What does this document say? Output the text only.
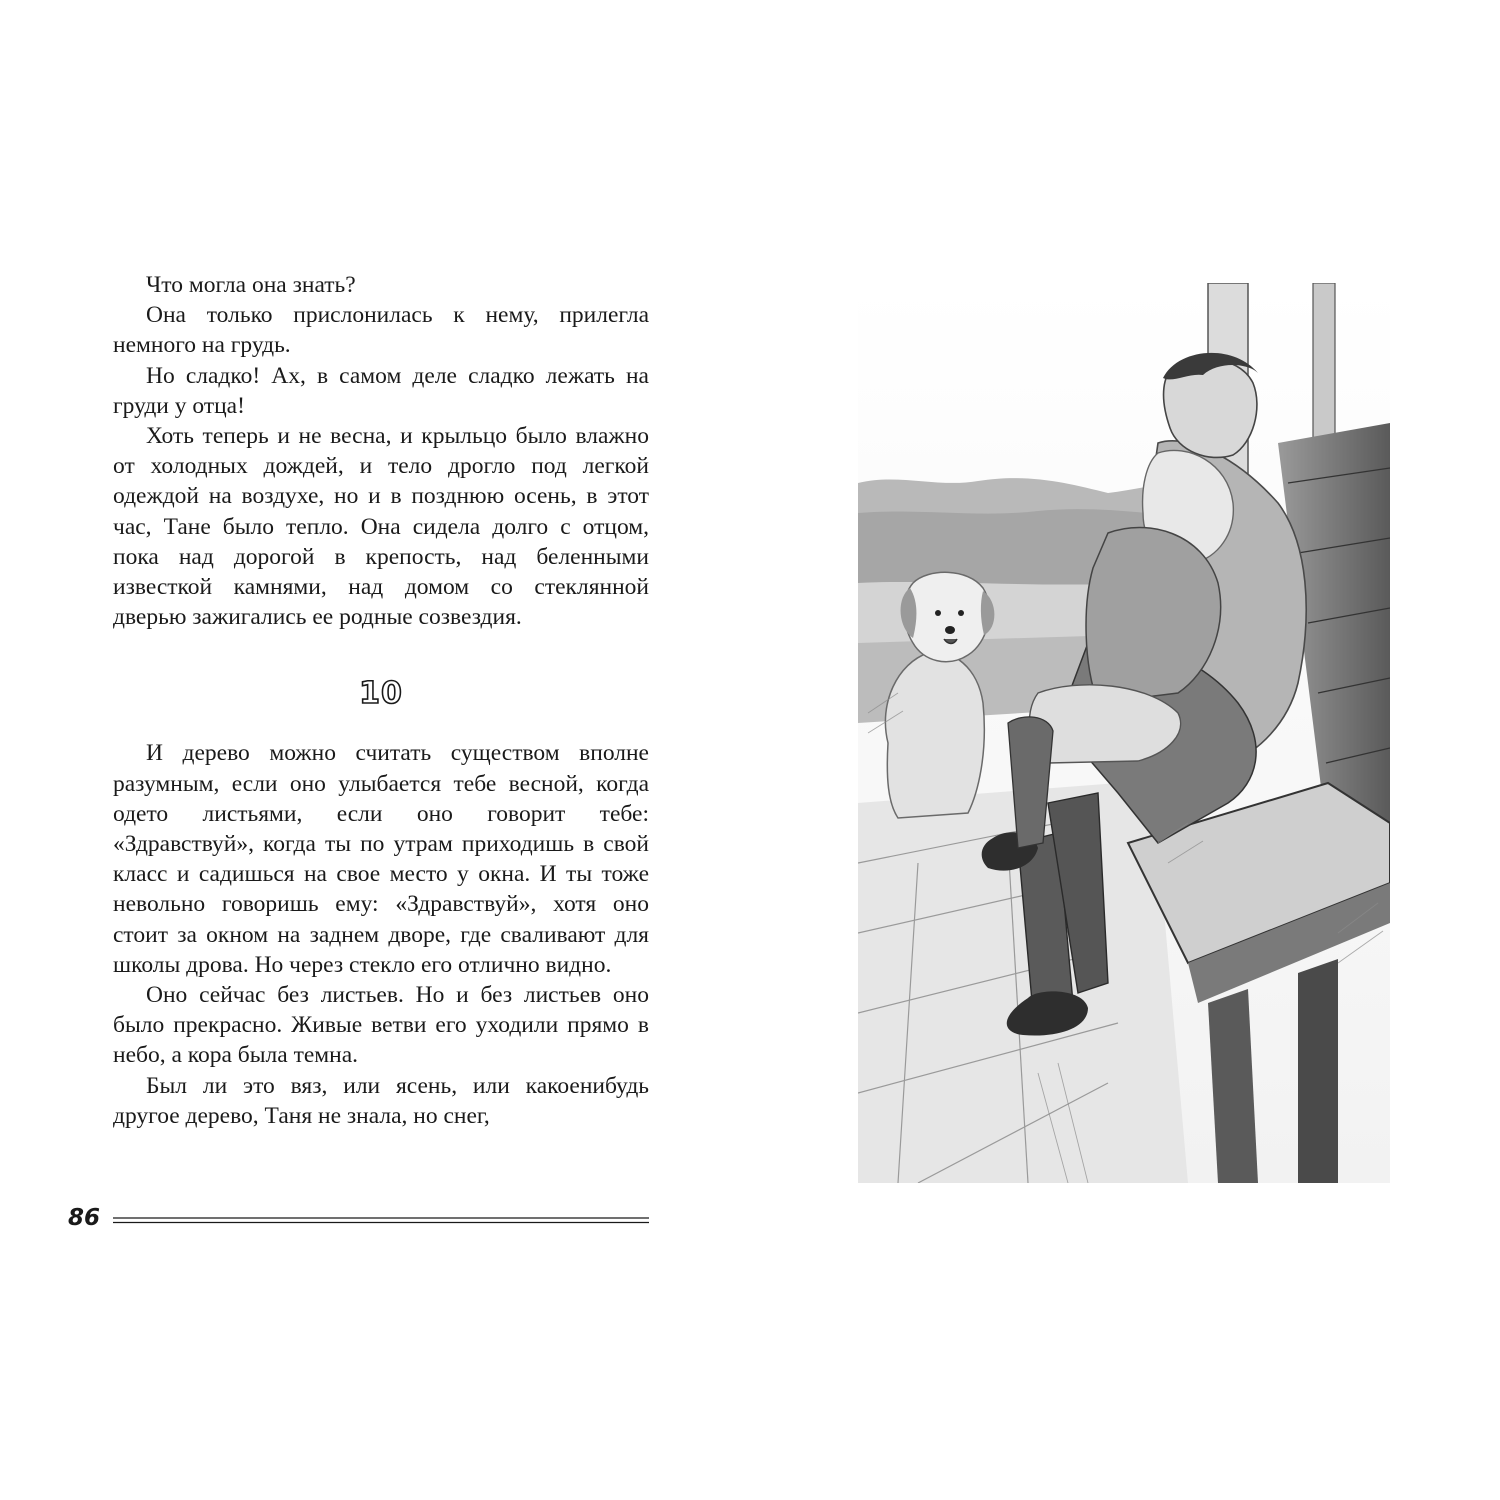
Что могла она знать?

Она только прислонилась к нему, прилегла немного на грудь.

Но сладко! Ах, в самом деле сладко лежать на груди у отца!

Хоть теперь и не весна, и крыльцо было влажно от холодных дождей, и тело дрогло под легкой одеждой на воздухе, но и в позднюю осень, в этот час, Тане было тепло. Она сидела долго с отцом, пока над дорогой в крепость, над беленными известкой камнями, над домом со стеклянной дверью зажигались ее родные созвездия.

10

И дерево можно считать существом вполне разумным, если оно улыбается тебе весной, когда одето листьями, если оно говорит тебе: «Здравствуй», когда ты по утрам приходишь в свой класс и садишься на свое место у окна. И ты тоже невольно говоришь ему: «Здравствуй», хотя оно стоит за окном на заднем дворе, где сваливают для школы дрова. Но через стекло его отлично видно.

Оно сейчас без листьев. Но и без листьев оно было прекрасно. Живые ветви его уходили прямо в небо, а кора была темна.

Был ли это вяз, или ясень, или какоенибудь другое дерево, Таня не знала, но снег,

86
